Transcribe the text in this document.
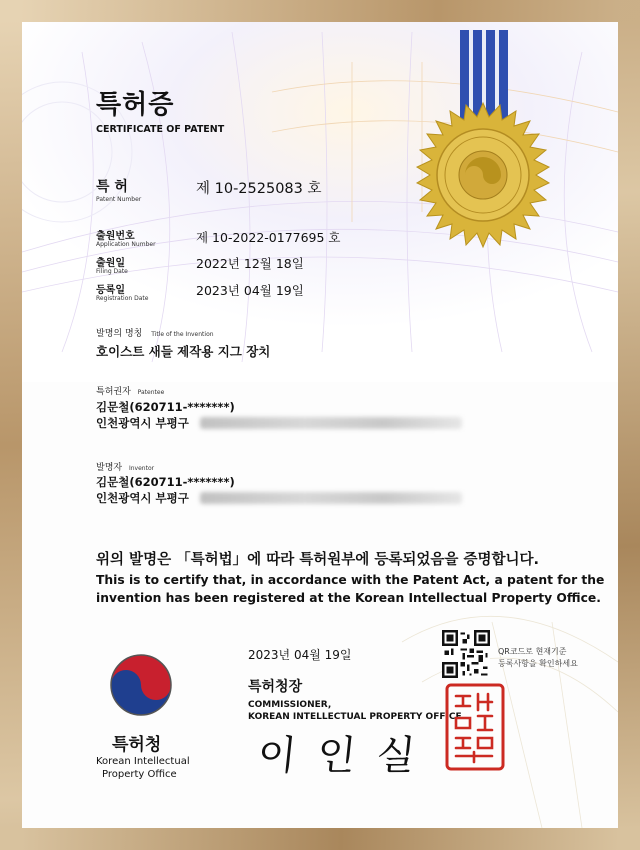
특허증
CERTIFICATE OF PATENT
특 허
Patent Number
제 10-2525083 호
출원번호
Application Number	제 10-2022-0177695 호
출원일
Filing Date
2022년 12월 18일
등록일
Registration Date
2023년 04월 19일
발명의 명칭 Title of the Invention
호이스트 새들 제작용 지그 장치
특허권자 Patentee
김문철(620711-*******)
인천광역시 부평구
발명자 Inventor
김문철(620711-*******)
인천광역시 부평구
위의 발명은 「특허법」에 따라 특허원부에 등록되었음을 증명합니다.
This is to certify that, in accordance with the Patent Act, a patent for the
invention has been registered at the Korean Intellectual Property Office.
2023년 04월 19일
특허청장
COMMISSIONER,
KOREAN INTELLECTUAL PROPERTY OFFICE
이 인 실
QR코드로 현재기준
등록사항을 확인하세요
특허청
Korean Intellectual
Property Office
